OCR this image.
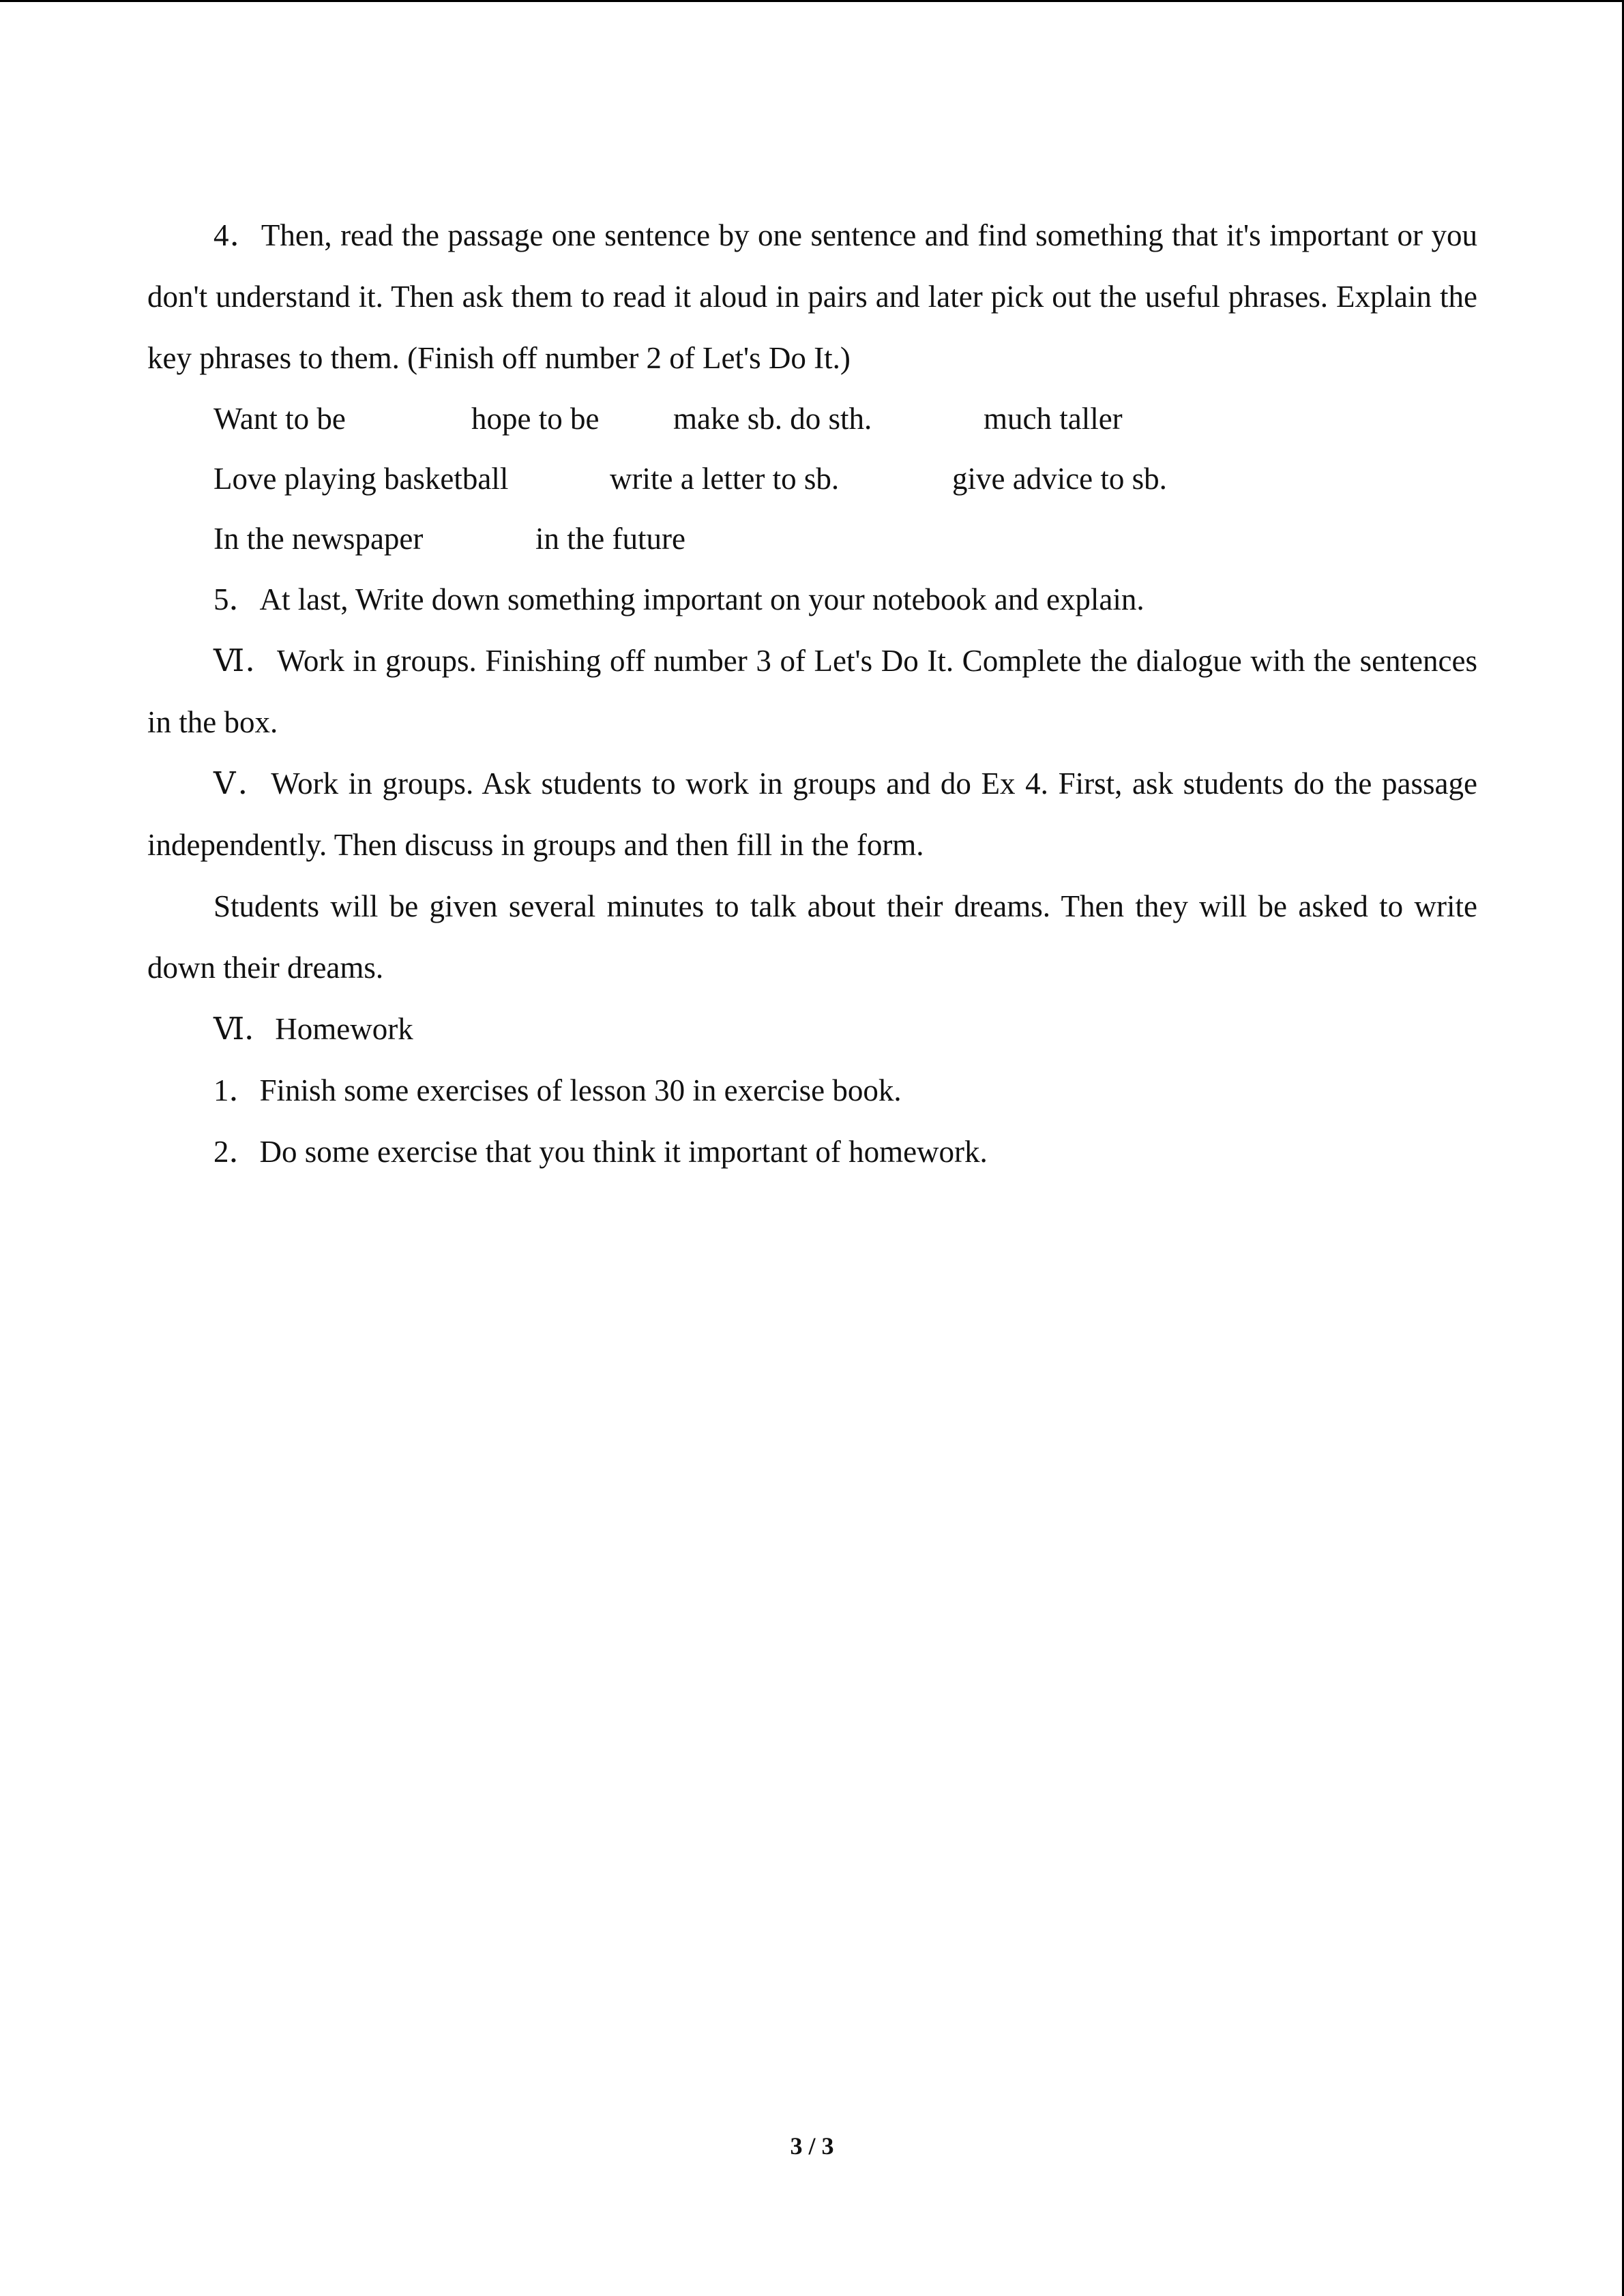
4．Then, read the passage one sentence by one sentence and find something that it's important or you don't understand it. Then ask them to read it aloud in pairs and later pick out the useful phrases. Explain the key phrases to them. (Finish off number 2 of Let's Do It.)

Want to be	hope to be make sb. do sth.	much taller
Love playing basketball	write a letter to sb.	give advice to sb.
In the newspaper	in the future

5．At last, Write down something important on your notebook and explain.

Ⅵ．Work in groups. Finishing off number 3 of Let's Do It. Complete the dialogue with the sentences in the box.

Ⅴ．Work in groups. Ask students to work in groups and do Ex 4. First, ask students do the passage independently. Then discuss in groups and then fill in the form.

Students will be given several minutes to talk about their dreams. Then they will be asked to write down their dreams.

Ⅵ．Homework

1．Finish some exercises of lesson 30 in exercise book.

2．Do some exercise that you think it important of homework.

3 / 3
